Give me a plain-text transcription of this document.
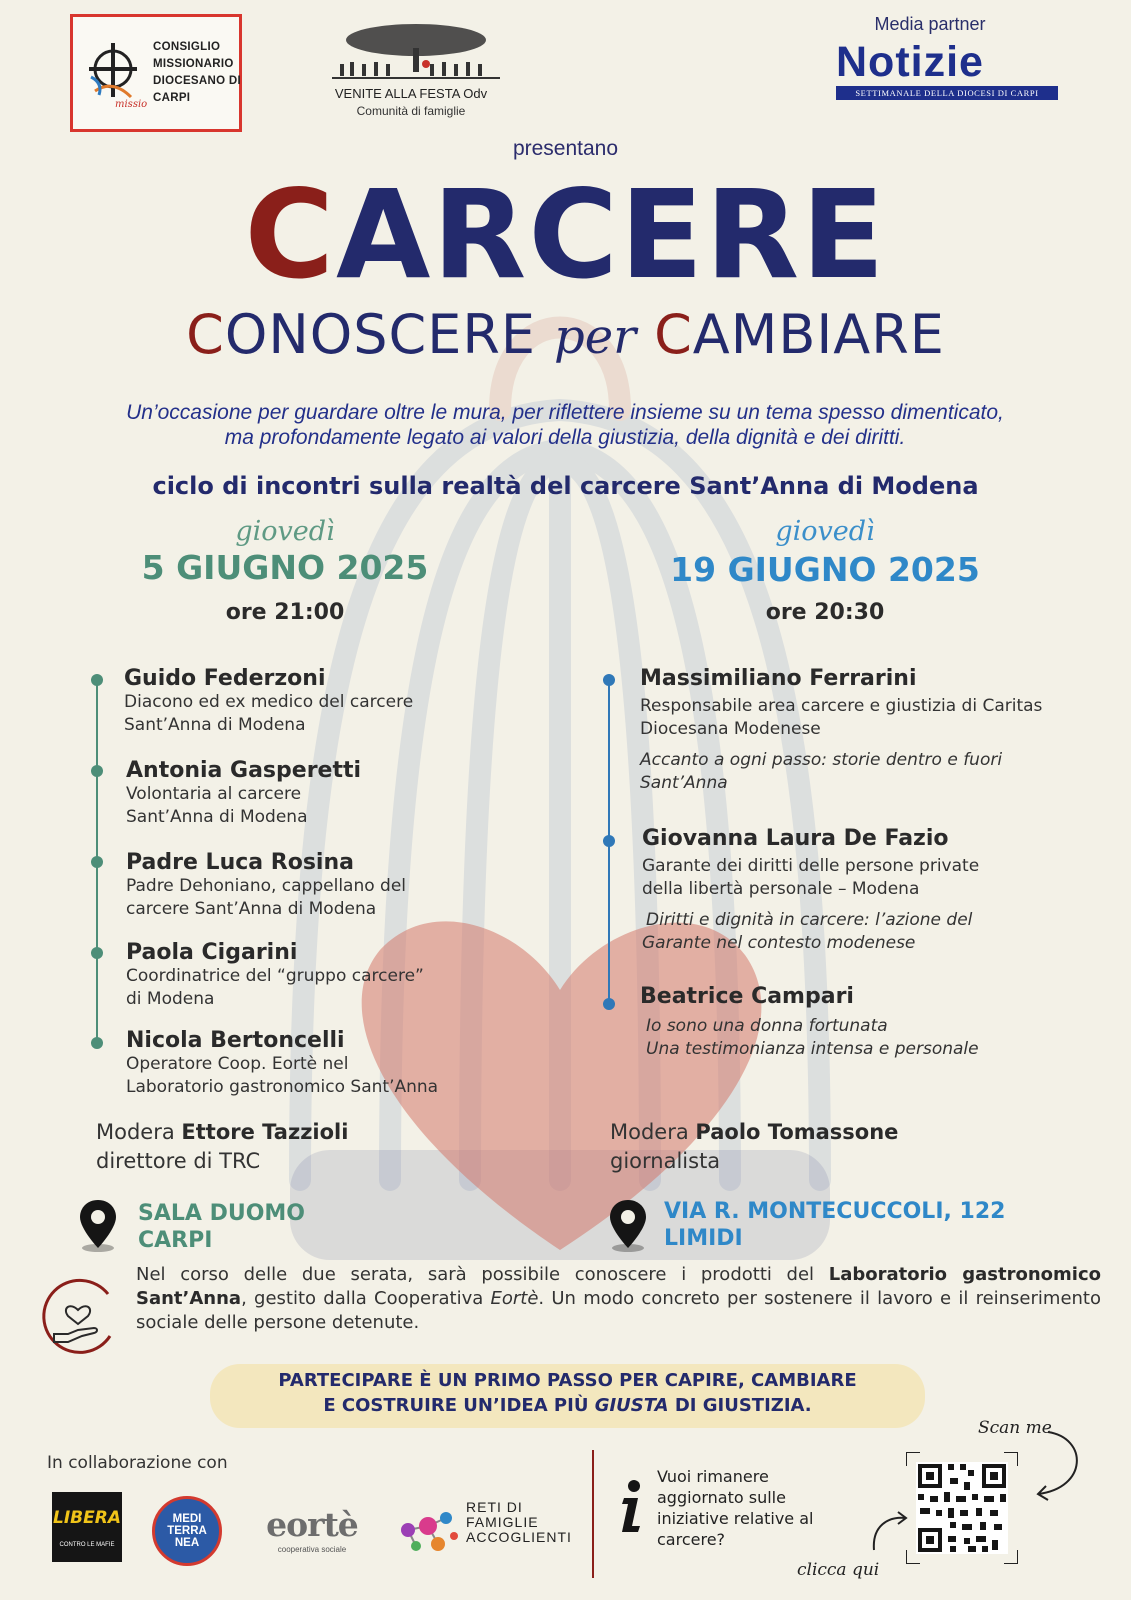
CONSIGLIO MISSIONARIO DIOCESANO DI CARPI
missio
VENITE ALLA FESTA Odv
Comunità di famiglie
Media partner
Notizie
SETTIMANALE DELLA DIOCESI DI CARPI
presentano
CARCERE
CONOSCERE per CAMBIARE
Un’occasione per guardare oltre le mura, per riflettere insieme su un tema spesso dimenticato,
ma profondamente legato ai valori della giustizia, della dignità e dei diritti.
ciclo di incontri sulla realtà del carcere Sant’Anna di Modena
giovedì
5 GIUGNO 2025
ore 21:00
Guido Federzoni
Diacono ed ex medico del carcere
Sant’Anna di Modena
Antonia Gasperetti
Volontaria al carcere
Sant’Anna di Modena
Padre Luca Rosina
Padre Dehoniano, cappellano del
carcere Sant’Anna di Modena
Paola Cigarini
Coordinatrice del “gruppo carcere”
di Modena
Nicola Bertoncelli
Operatore Coop. Eortè nel
Laboratorio gastronomico Sant’Anna
Modera Ettore Tazzioli
direttore di TRC
SALA DUOMO
CARPI
giovedì
19 GIUGNO 2025
ore 20:30
Massimiliano Ferrarini
Responsabile area carcere e giustizia di Caritas
Diocesana Modenese
Accanto a ogni passo: storie dentro e fuori
Sant’Anna
Giovanna Laura De Fazio
Garante dei diritti delle persone private
della libertà personale – Modena
Diritti e dignità in carcere: l’azione del
Garante nel contesto modenese
Beatrice Campari
Io sono una donna fortunata
Una testimonianza intensa e personale
Modera Paolo Tomassone
giornalista
VIA R. MONTECUCCOLI, 122
LIMIDI
Nel corso delle due serata, sarà possibile conoscere i prodotti del Laboratorio gastronomico Sant’Anna, gestito dalla Cooperativa Eortè. Un modo concreto per sostenere il lavoro e il reinserimento sociale delle persone detenute.
PARTECIPARE È UN PRIMO PASSO PER CAPIRE, CAMBIARE
E COSTRUIRE UN’IDEA PIÙ GIUSTA DI GIUSTIZIA.
In collaborazione con
LIBERA
CONTRO LE MAFIE
MEDI TERRA NEA	eortè
cooperativa sociale
RETI DI FAMIGLIE ACCOGLIENTI
Vuoi rimanere aggiornato sulle iniziative relative al carcere?
Scan me
clicca qui
